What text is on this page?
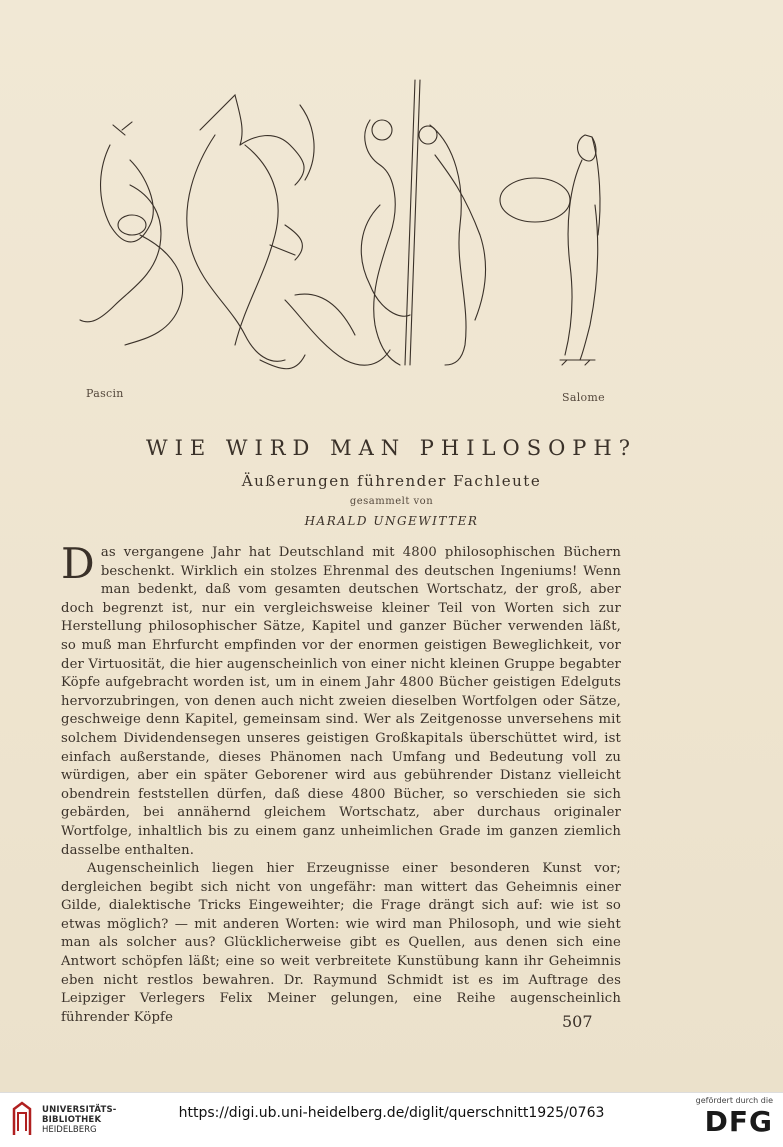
Pascin	Salome
WIE WIRD MAN PHILOSOPH?
Äußerungen führender Fachleute
gesammelt von
HARALD UNGEWITTER

Das vergangene Jahr hat Deutschland mit 4800 philosophischen Büchern beschenkt. Wirklich ein stolzes Ehrenmal des deutschen Ingeniums! Wenn man bedenkt, daß vom gesamten deutschen Wortschatz, der groß, aber doch begrenzt ist, nur ein vergleichsweise kleiner Teil von Worten sich zur Herstellung philosophischer Sätze, Kapitel und ganzer Bücher verwenden läßt, so muß man Ehrfurcht empfinden vor der enormen geistigen Beweglichkeit, vor der Virtuosität, die hier augenscheinlich von einer nicht kleinen Gruppe begabter Köpfe aufgebracht worden ist, um in einem Jahr 4800 Bücher geistigen Edelguts hervorzubringen, von denen auch nicht zweien dieselben Wortfolgen oder Sätze, geschweige denn Kapitel, gemeinsam sind. Wer als Zeitgenosse unversehens mit solchem Dividendensegen unseres geistigen Großkapitals überschüttet wird, ist einfach außerstande, dieses Phänomen nach Umfang und Bedeutung voll zu würdigen, aber ein später Geborener wird aus gebührender Distanz vielleicht obendrein feststellen dürfen, daß diese 4800 Bücher, so verschieden sie sich gebärden, bei annähernd gleichem Wortschatz, aber durchaus originaler Wortfolge, inhaltlich bis zu einem ganz unheimlichen Grade im ganzen ziemlich dasselbe enthalten.

Augenscheinlich liegen hier Erzeugnisse einer besonderen Kunst vor; dergleichen begibt sich nicht von ungefähr: man wittert das Geheimnis einer Gilde, dialektische Tricks Eingeweihter; die Frage drängt sich auf: wie ist so etwas möglich? — mit anderen Worten: wie wird man Philosoph, und wie sieht man als solcher aus? Glücklicherweise gibt es Quellen, aus denen sich eine Antwort schöpfen läßt; eine so weit verbreitete Kunstübung kann ihr Geheimnis eben nicht restlos bewahren. Dr. Raymund Schmidt ist es im Auftrage des Leipziger Verlegers Felix Meiner gelungen, eine Reihe augenscheinlich führender Köpfe	507
UNIVERSITÄTS-
BIBLIOTHEK
HEIDELBERG
https://digi.ub.uni-heidelberg.de/diglit/querschnitt1925/0763
gefördert durch die
DFG
